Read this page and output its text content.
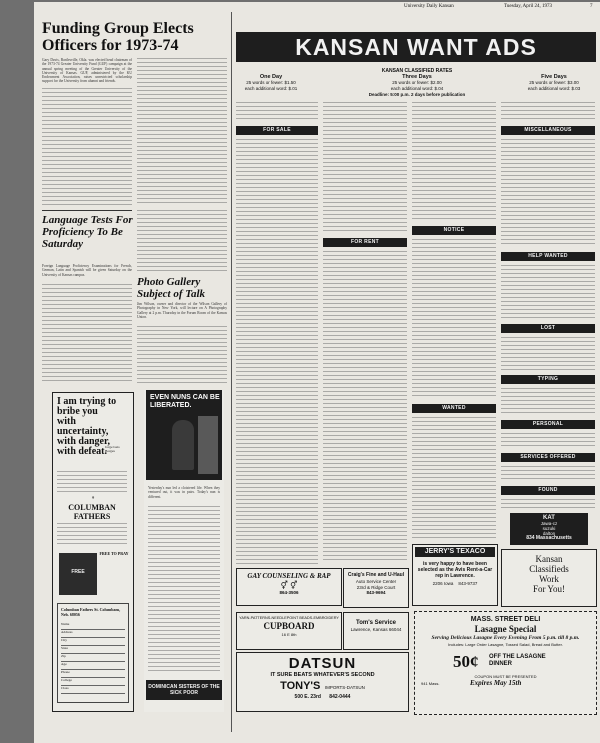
University Daily Kansan	Tuesday, April 24, 1973	7
Funding Group Elects Officers for 1973-74
Gary Davis, Bartlesville, Okla. was elected head chairman of the 1973-74 Greater University Fund (GUF) campaign at the annual spring meeting of the Greater University of the University of Kansas. GUF, administered by the KU Endowment Association, raises unrestricted scholarship support for the University from alumni and friends.
Language Tests For Proficiency To Be Saturday
Foreign Language Proficiency Examinations for French, German, Latin and Spanish will be given Saturday on the University of Kansas campus.
Photo Gallery Subject of Talk
Jim Wilson, owner and director of the Wilson Gallery of Photography in New York, will lecture on A Photography Gallery at 2 p.m. Thursday in the Forum Room of the Kansas Union.
I am trying to bribe you with uncertainty, with danger, with defeat.
Jorge Luis Borges
✝
COLUMBAN FATHERS
FREE TO PRAY
FREE
Columban Fathers St. Columbans, Neb. 68056
Name
Address
City
State
Zip
Age
Phone
College
Class
EVEN NUNS CAN BE LIBERATED.
Yesterday's nun led a cloistered life. When they ventured out, it was in pairs. Today's nun is different.
DOMINICAN SISTERS OF THE SICK POOR
KANSAN WANT ADS
One Day
25 words or fewer: $1.50
each additional word: $.01
KANSAN CLASSIFIED RATES
Three Days
25 words or fewer: $2.00
each additional word: $.04
Deadline: 5:00 p.m. 2 days before publication
Five Days
25 words or fewer: $3.00
each additional word: $.03
FOR SALE
FOR RENT
NOTICE
WANTED
MISCELLANEOUS
HELP WANTED
LOST
TYPING
PERSONAL
SERVICES OFFERED
FOUND
KAT
Jawa-cz
suzuki
dalton
834 Massachusetts
JERRY'S TEXACO
is very happy to have been selected as the Avis Rent-a-Car rep in Lawrence.
2206 Iowa 843-9737
Kansan
Classifieds
Work
For You!
GAY COUNSELING & RAP
⚥ ⚥
864-3506
Craig's Fine and U-Haul
Auto Service Center
23rd & Ridge Court
843-9694
YARN-PATTERNS-NEEDLEPOINT BEADS-EMBROIDERY
CUPBOARD
16 E 8th
Tom's Service
Lawrence, Kansas 66044
DATSUN
IT SURE BEATS WHATEVER'S SECOND
TONY'S IMPORTS-DATSUN
500 E. 23rd 842-0444
MASS. STREET DELI
Lasagne Special
Serving Delicious Lasagne Every Evening From 5 p.m. till 8 p.m.
Includes: Large Order Lasagne, Tossed Salad, Bread and Butter.
50¢ OFF THE LASAGNE DINNER
COUPON MUST BE PRESENTED
941 Mass.	Expires May 15th
